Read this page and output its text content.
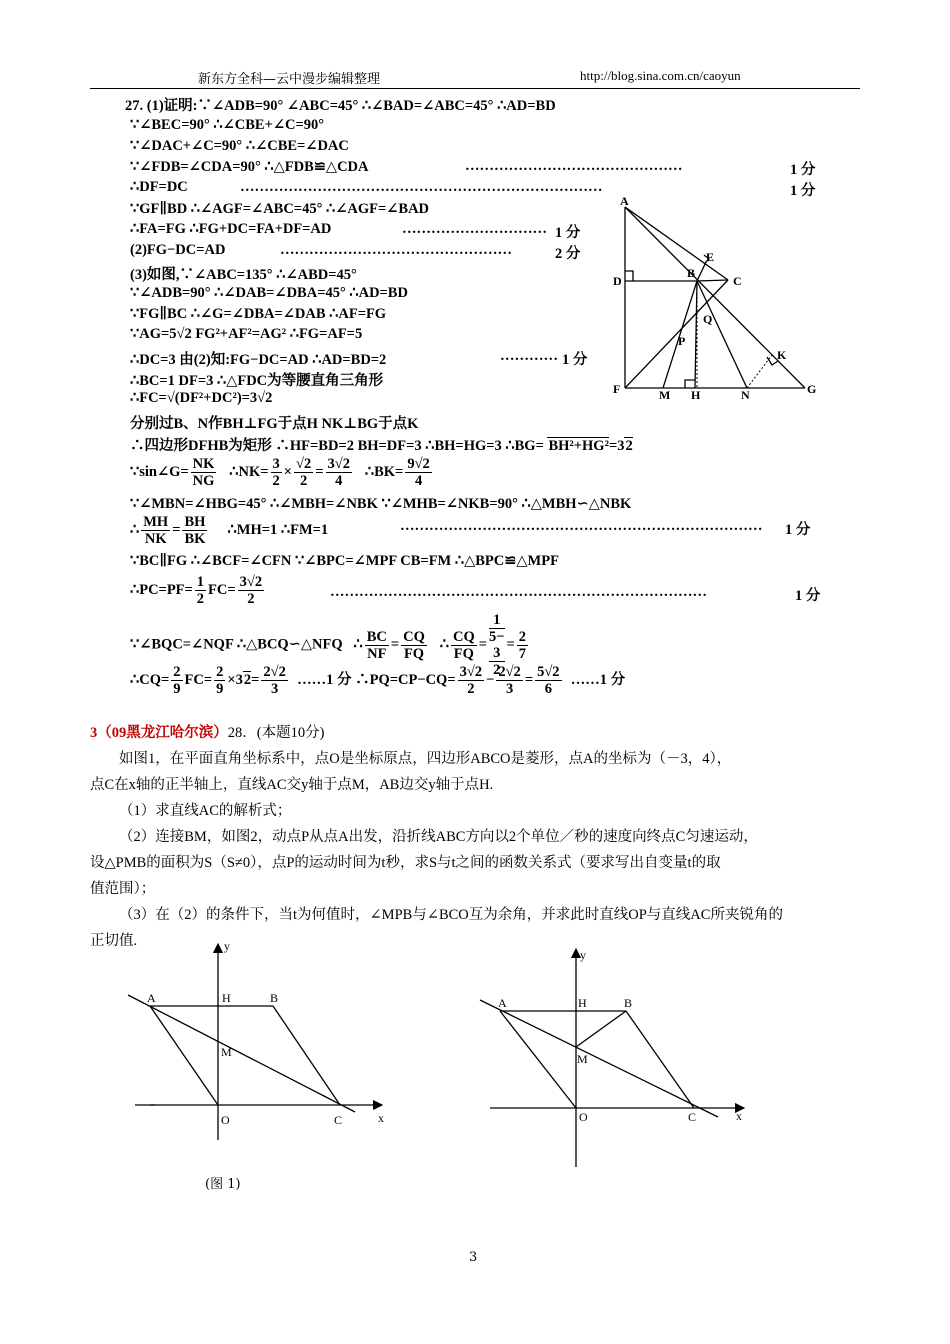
新东方全科—云中漫步编辑整理	http://blog.sina.com.cn/caoyun
27. (1)证明:∵∠ADB=90° ∠ABC=45° ∴∠BAD=∠ABC=45° ∴AD=BD
∵∠BEC=90° ∴∠CBE+∠C=90°
∵∠DAC+∠C=90° ∴∠CBE=∠DAC
∵∠FDB=∠CDA=90° ∴△FDB≌△CDA	………………………………………	1 分
∴DF=DC	…………………………………………………………………	1 分
∵GF∥BD ∴∠AGF=∠ABC=45° ∴∠AGF=∠BAD
∴FA=FG ∴FG+DC=FA+DF=AD	………………………… 1 分
(2)FG−DC=AD	…………………………………………	2 分
(3)如图,∵∠ABC=135° ∴∠ABD=45°
∵∠ADB=90° ∴∠DAB=∠DBA=45° ∴AD=BD
∵FG∥BC ∴∠G=∠DBA=∠DAB ∴AF=FG
∵AG=5√2 FG²+AF²=AG² ∴FG=AF=5
∴DC=3 由(2)知:FG−DC=AD ∴AD=BD=2	………… 1 分
∴BC=1 DF=3 ∴△FDC为等腰直角三角形
∴FC=√(DF²+DC²)=3√2
分别过B、N作BH⊥FG于点H NK⊥BG于点K
∴四边形DFHB为矩形 ∴HF=BD=2 BH=DF=3 ∴BH=HG=3 ∴BG= BH²+HG²=32
∵sin∠G= $\frac{NK}{NG}$ ∴NK= $\frac{3}{2} \times \frac{√2}{2} = \frac{3√2}{4}$ ∴BK= $\frac{9√2}{4}$
∵∠MBN=∠HBG=45° ∴∠MBH=∠NBK ∵∠MHB=∠NKB=90° ∴△MBH∽△NBK
∴ $\frac{MH}{NK} = \frac{BH}{BK}$ ∴MH=1 ∴FM=1	………………………………………………………………… 1 分
∵BC∥FG ∴∠BCF=∠CFN ∵∠BPC=∠MPF CB=FM ∴△BPC≌△MPF
∴PC=PF= $\frac{1}{2} FC= \frac{3√2}{2}$	……………………………………………………………………	1 分
∵∠BQC=∠NQF ∴△BCQ∽△NFQ   ∴ $\frac{BC}{NF} = \frac{CQ}{FQ}$ ∴ $\frac{CQ}{FQ} = 1$
5−
3
$2 = \frac{2}{7}$
∴CQ= $\frac{2}{9} FC= \frac{2}{9} \times 32= \frac{2√2}{3}$ ……1 分 ∴PQ=CP−CQ= $\frac{3√2}{2} - \frac{2√2}{3} = \frac{5√2}{6}$ ……1 分
A
E
D
B
C
Q
P
K
F	M H	N	G

3（09黑龙江哈尔滨）28．(本题10分)

如图1，在平面直角坐标系中，点O是坐标原点，四边形ABCO是菱形，点A的坐标为（－3，4），

点C在x轴的正半轴上，直线AC交y轴于点M，AB边交y轴于点H.

（1）求直线AC的解析式；

（2）连接BM，如图2，动点P从点A出发，沿折线ABC方向以2个单位／秒的速度向终点C匀速运动，

设△PMB的面积为S（S≠0），点P的运动时间为t秒，求S与t之间的函数关系式（要求写出自变量t的取

值范围）；

（3）在（2）的条件下，当t为何值时，∠MPB与∠BCO互为余角，并求此时直线OP与直线AC所夹锐角的

正切值.	y
A	H	B
M
O	C	x
(图 1)
y
A	H	B
M
O	C	x
3
